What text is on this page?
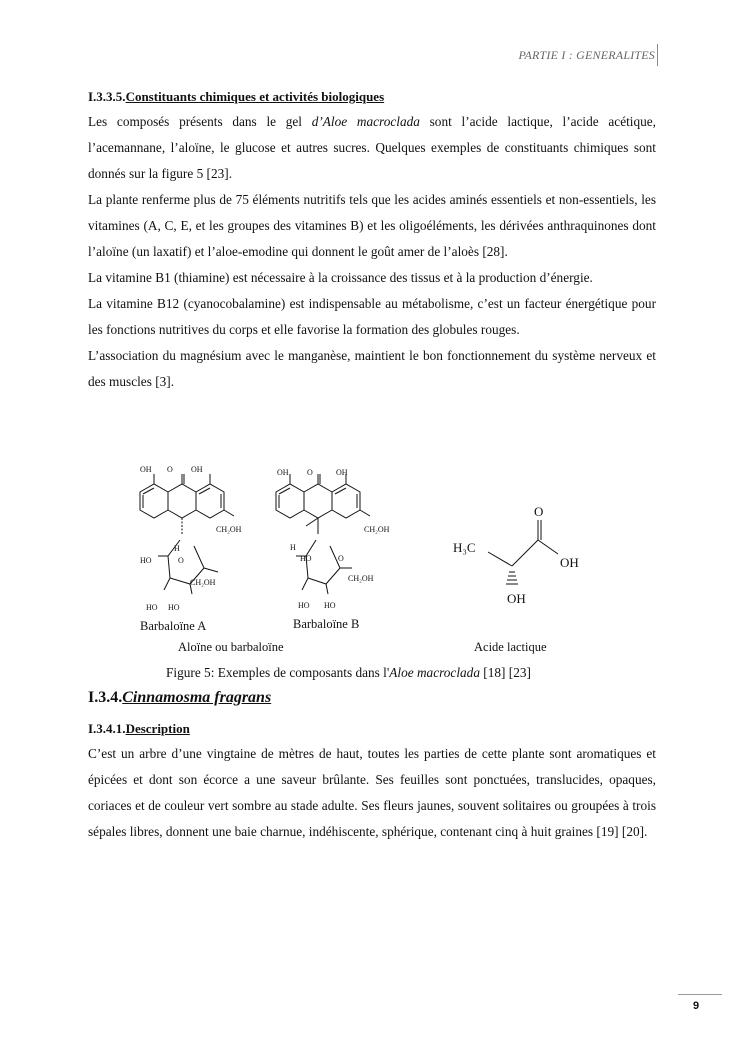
PARTIE I : GENERALITES
I.3.3.5.Constituants chimiques et activités biologiques

Les composés présents dans le gel d’Aloe macroclada sont l’acide lactique, l’acide acétique, l’acemannane, l’aloïne, le glucose et autres sucres. Quelques exemples de constituants chimiques sont donnés sur la figure 5 [23].

La plante renferme plus de 75 éléments nutritifs tels que les acides aminés essentiels et non-essentiels, les vitamines (A, C, E, et les groupes des vitamines B) et les oligoéléments, les dérivées anthraquinones dont l’aloïne (un laxatif) et l’aloe-emodine qui donnent le goût amer de l’aloès [28].

La vitamine B1 (thiamine) est nécessaire à la croissance des tissus et à la production d’énergie.

La vitamine B12 (cyanocobalamine) est indispensable au métabolisme, c’est un facteur énergétique pour les fonctions nutritives du corps et elle favorise la formation des globules rouges.

L’association du magnésium avec le manganèse, maintient le bon fonctionnement du système nerveux et des muscles [3].

OH O OH
CH₂OH
H
HO	O
CH₂OH
HO HO
OH O	OH
CH₂OH
H
HO	O
CH₂OH
HO HO
O
H₃C
OH
OH
Barbaloïne A	Barbaloïne B
Aloïne ou barbaloïne	Acide lactique
Figure 5: Exemples de composants dans l'Aloe macroclada [18] [23]
I.3.4.Cinnamosma fragrans
I.3.4.1.Description

C’est un arbre d’une vingtaine de mètres de haut, toutes les parties de cette plante sont aromatiques et épicées et dont son écorce a une saveur brûlante. Ses feuilles sont ponctuées, translucides, opaques, coriaces et de couleur vert sombre au stade adulte. Ses fleurs jaunes, souvent solitaires ou groupées à trois sépales libres, donnent une baie charnue, indéhiscente, sphérique, contenant cinq à huit graines [19] [20].

9
